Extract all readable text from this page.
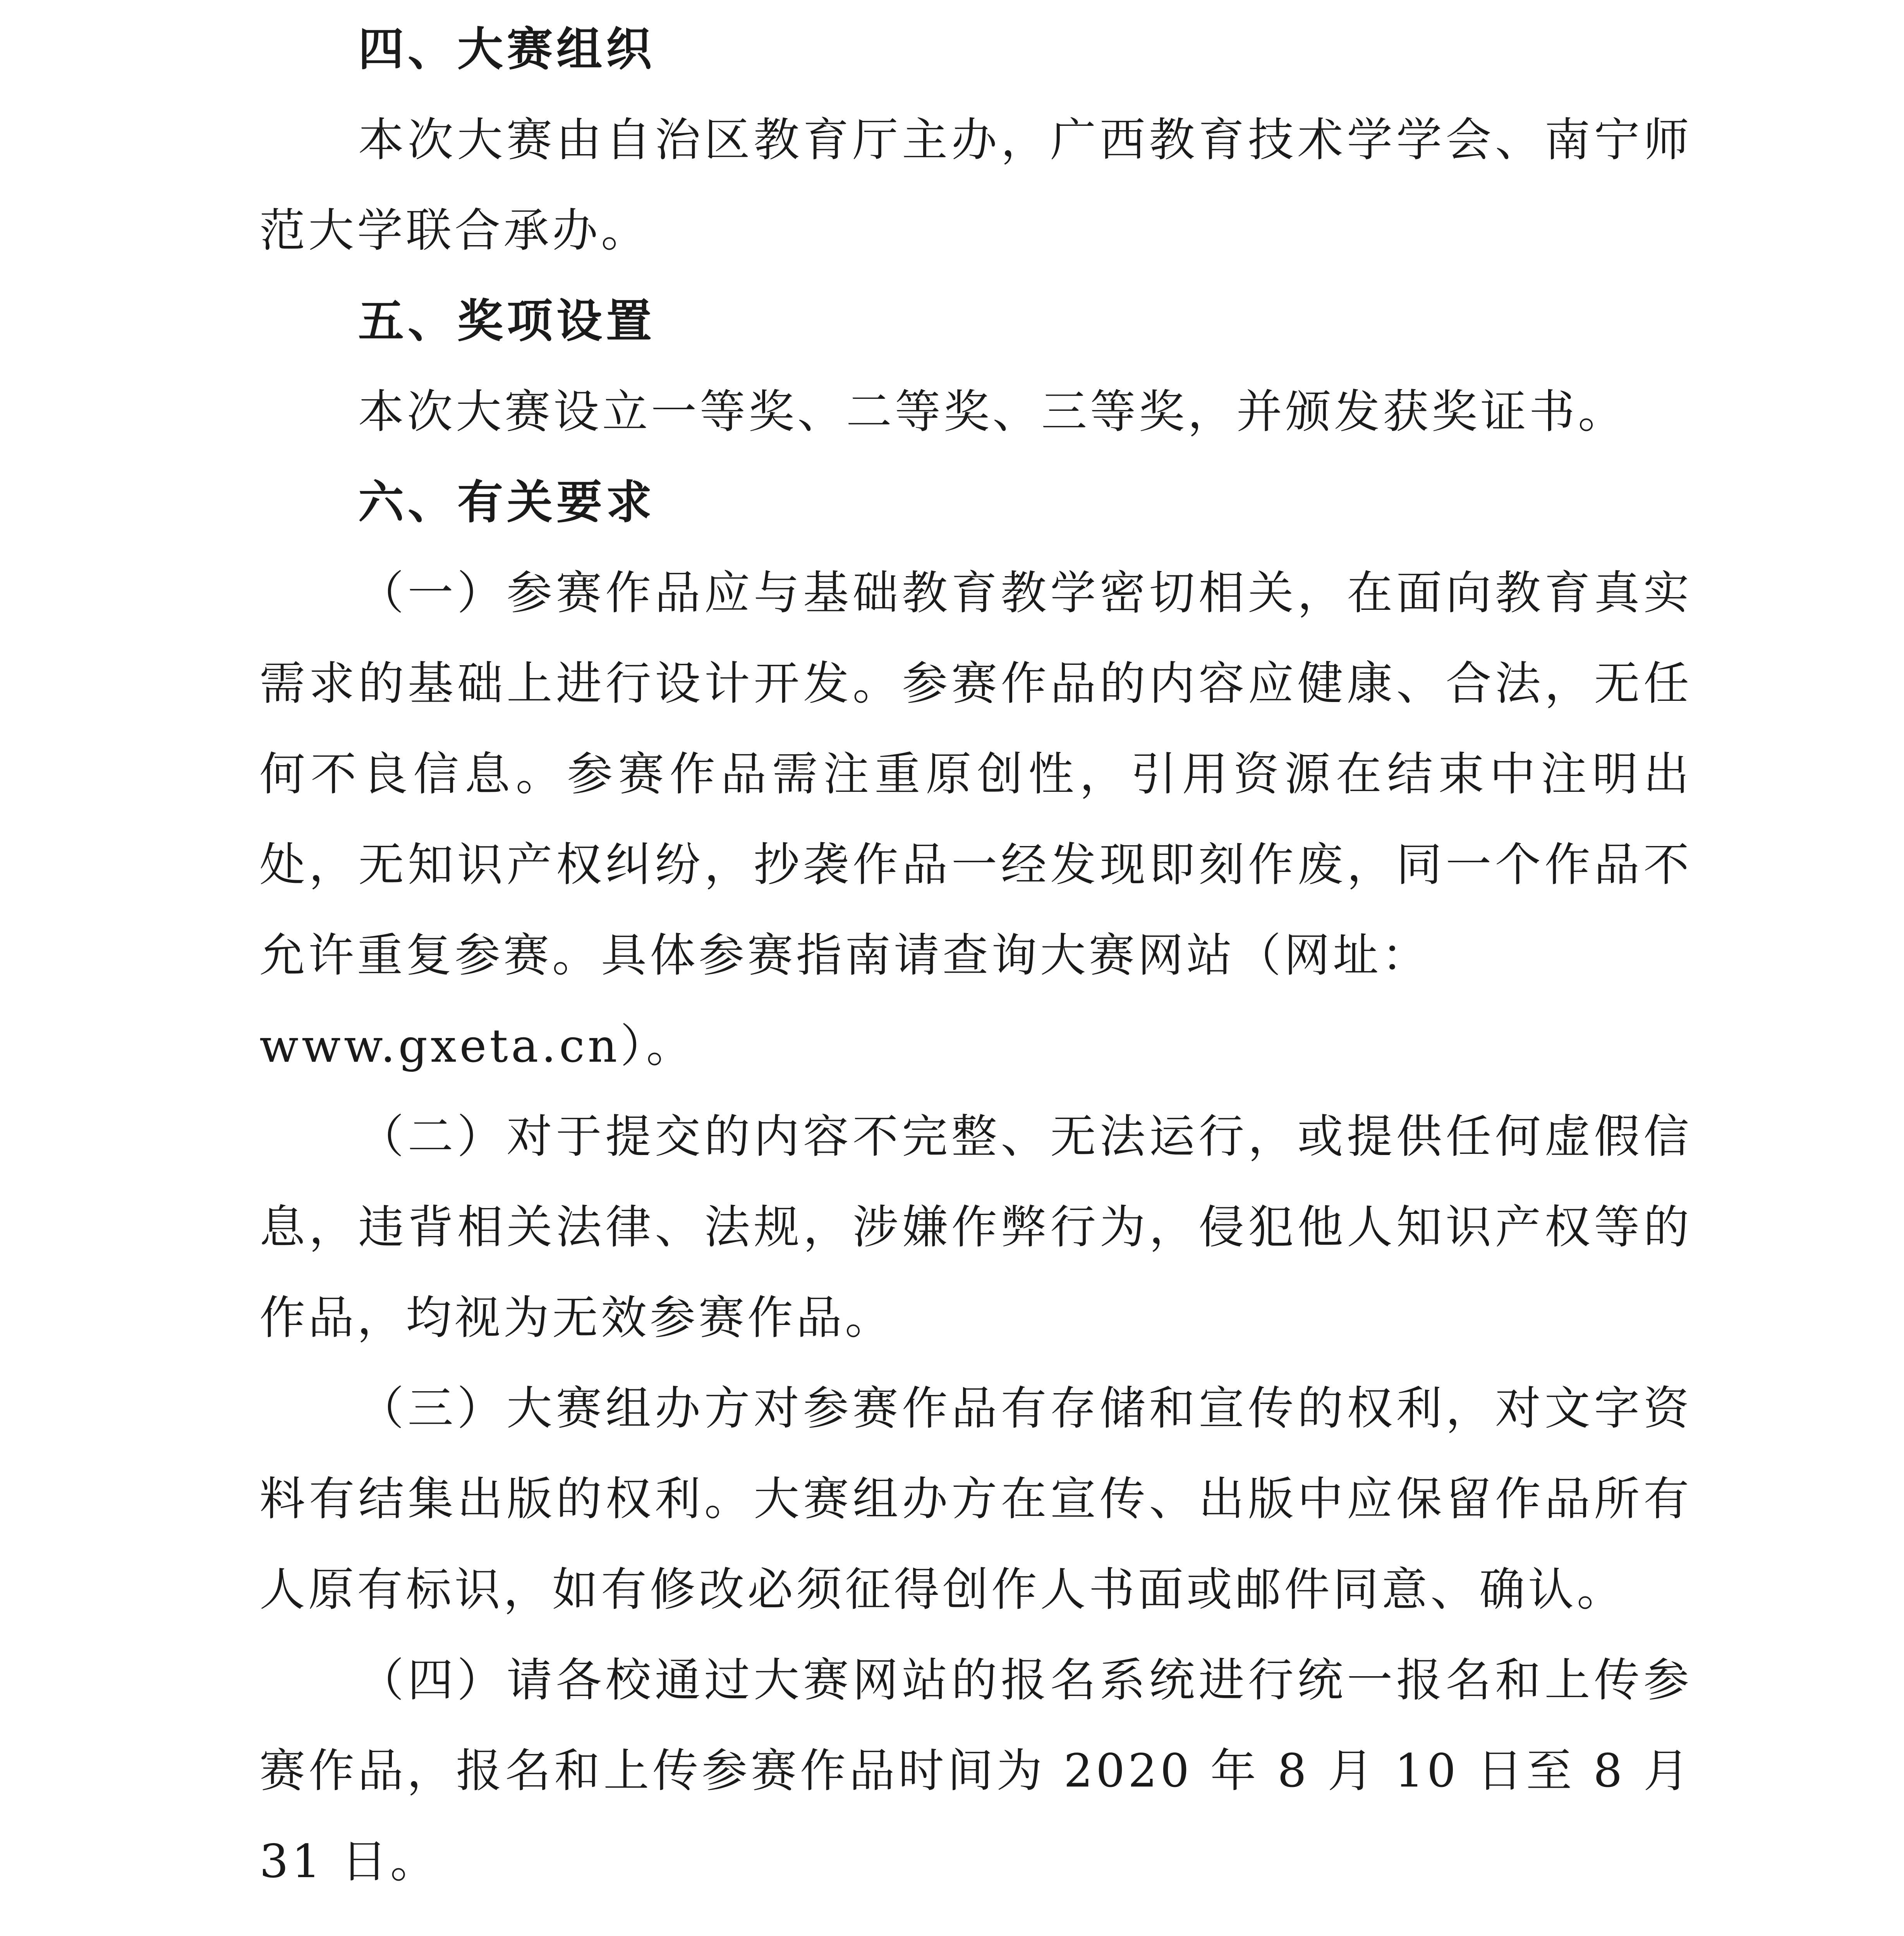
四、大赛组织

本次大赛由自治区教育厅主办，广西教育技术学学会、南宁师范大学联合承办。

五、奖项设置

本次大赛设立一等奖、二等奖、三等奖，并颁发获奖证书。

六、有关要求

（一）参赛作品应与基础教育教学密切相关，在面向教育真实需求的基础上进行设计开发。参赛作品的内容应健康、合法，无任何不良信息。参赛作品需注重原创性，引用资源在结束中注明出处，无知识产权纠纷，抄袭作品一经发现即刻作废，同一个作品不允许重复参赛。具体参赛指南请查询大赛网站（网址：
www.gxeta.cn）。

（二）对于提交的内容不完整、无法运行，或提供任何虚假信息，违背相关法律、法规，涉嫌作弊行为，侵犯他人知识产权等的作品，均视为无效参赛作品。

（三）大赛组办方对参赛作品有存储和宣传的权利，对文字资料有结集出版的权利。大赛组办方在宣传、出版中应保留作品所有人原有标识，如有修改必须征得创作人书面或邮件同意、确认。

（四）请各校通过大赛网站的报名系统进行统一报名和上传参赛作品，报名和上传参赛作品时间为 2020 年 8 月 10 日至 8 月 31 日。
